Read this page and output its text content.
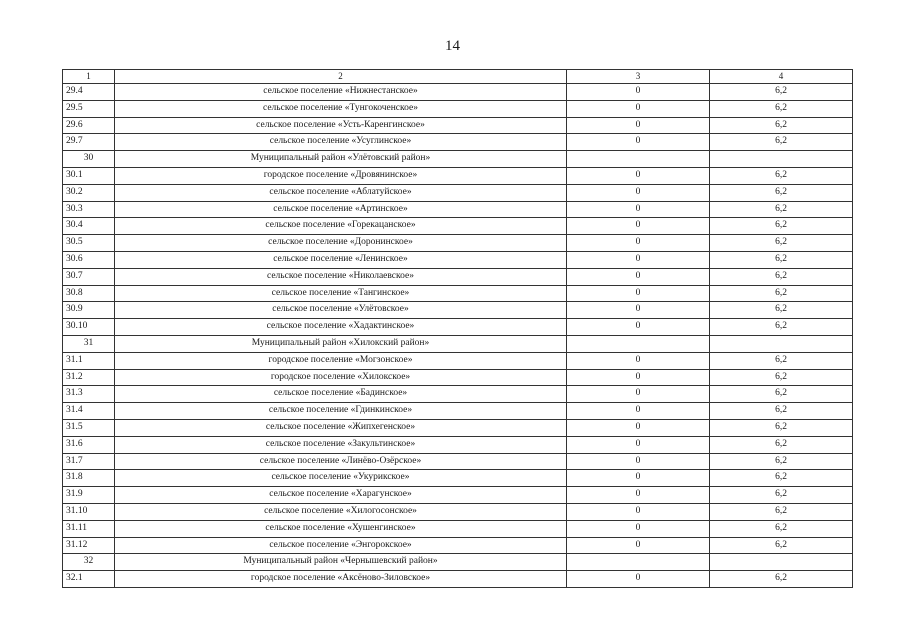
14
1	2	3	4
29.4	сельское поселение «Нижнестанское»	0	6,2
29.5	сельское поселение «Тунгокоченское»	0	6,2
29.6	сельское поселение «Усть-Каренгинское»	0	6,2
29.7	сельское поселение «Усуглинское»	0	6,2
30	Муниципальный район «Улётовский район»		
30.1	городское поселение «Дровянинское»	0	6,2
30.2	сельское поселение «Аблатуйское»	0	6,2
30.3	сельское поселение «Артинское»	0	6,2
30.4	сельское поселение «Горекацанское»	0	6,2
30.5	сельское поселение «Доронинское»	0	6,2
30.6	сельское поселение «Ленинское»	0	6,2
30.7	сельское поселение «Николаевское»	0	6,2
30.8	сельское поселение «Тангинское»	0	6,2
30.9	сельское поселение «Улётовское»	0	6,2
30.10	сельское поселение «Хадактинское»	0	6,2
31	Муниципальный район «Хилокский район»		
31.1	городское поселение «Могзонское»	0	6,2
31.2	городское поселение «Хилокское»	0	6,2
31.3	сельское поселение «Бадинское»	0	6,2
31.4	сельское поселение «Гдинкинское»	0	6,2
31.5	сельское поселение «Жипхегенское»	0	6,2
31.6	сельское поселение «Закультинское»	0	6,2
31.7	сельское поселение «Линёво-Озёрское»	0	6,2
31.8	сельское поселение «Укурикское»	0	6,2
31.9	сельское поселение «Харагунское»	0	6,2
31.10	сельское поселение «Хилогосонское»	0	6,2
31.11	сельское поселение «Хушенгинское»	0	6,2
31.12	сельское поселение «Энгорокское»	0	6,2
32	Муниципальный район «Чернышевский район»		
32.1	городское поселение «Аксёново-Зиловское»	0	6,2
